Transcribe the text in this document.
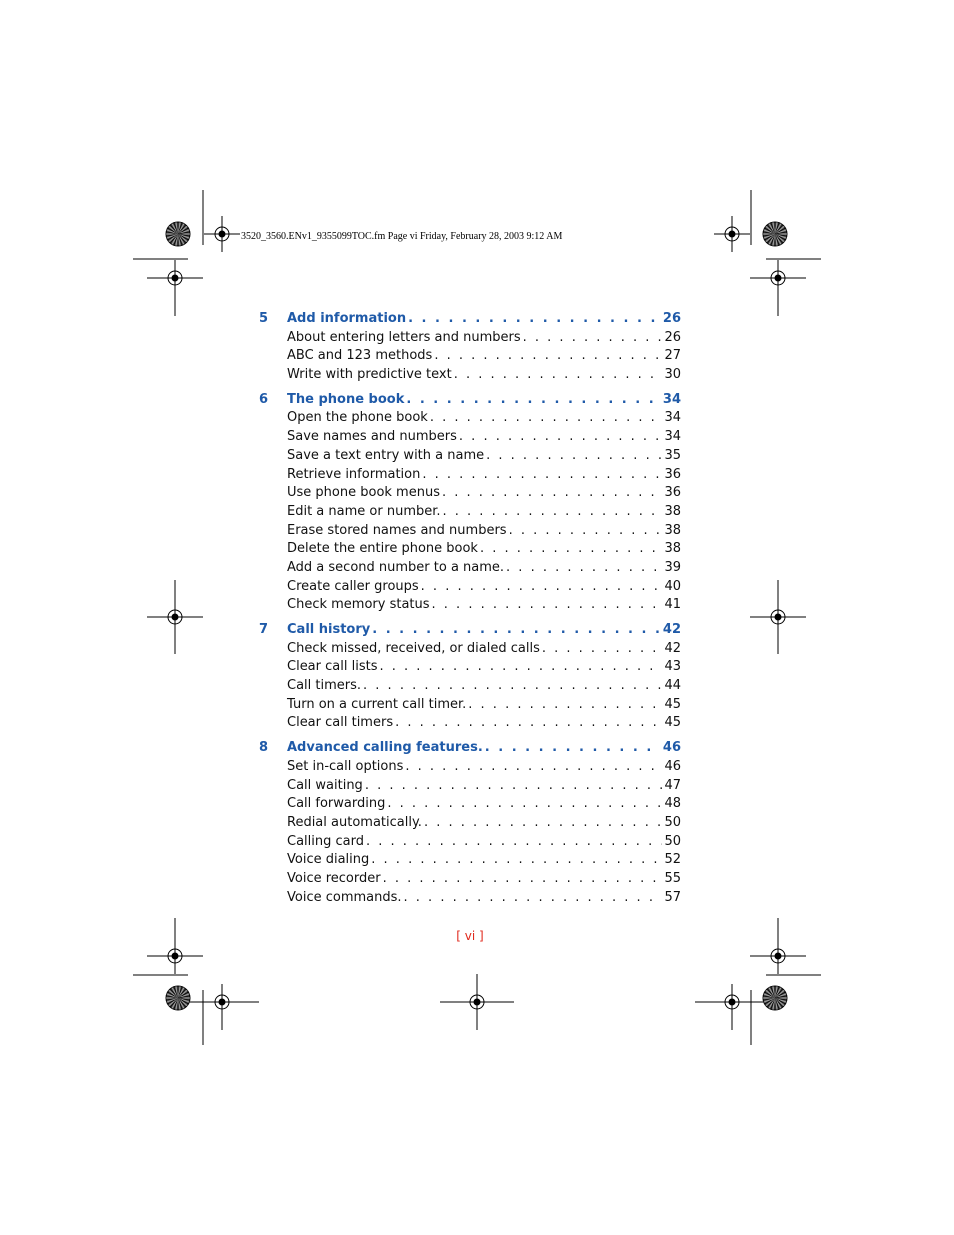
3520_3560.ENv1_9355099TOC.fm Page vi Friday, February 28, 2003 9:12 AM
5	Add information . . .	26
About entering letters and numbers . . .	26
ABC and 123 methods . . .	27
Write with predictive text . . .	30
6	The phone book . . .	34
Open the phone book . . .	34
Save names and numbers . . .	34
Save a text entry with a name . . .	35
Retrieve information . . .	36
Use phone book menus . . .	36
Edit a name or number. . . .	38
Erase stored names and numbers . . .	38
Delete the entire phone book . . .	38
Add a second number to a name. . . .	39
Create caller groups . . .	40
Check memory status . . .	41
7	Call history . . .	42
Check missed, received, or dialed calls . . .	42
Clear call lists . . .	43
Call timers. . . .	44
Turn on a current call timer. . . .	45
Clear call timers . . .	45
8	Advanced calling features. . . .	46
Set in-call options . . .	46
Call waiting . . .	47
Call forwarding . . .	48
Redial automatically. . . .	50
Calling card . . .	50
Voice dialing . . .	52
Voice recorder . . .	55
Voice commands. . . .	57
[ vi ]
